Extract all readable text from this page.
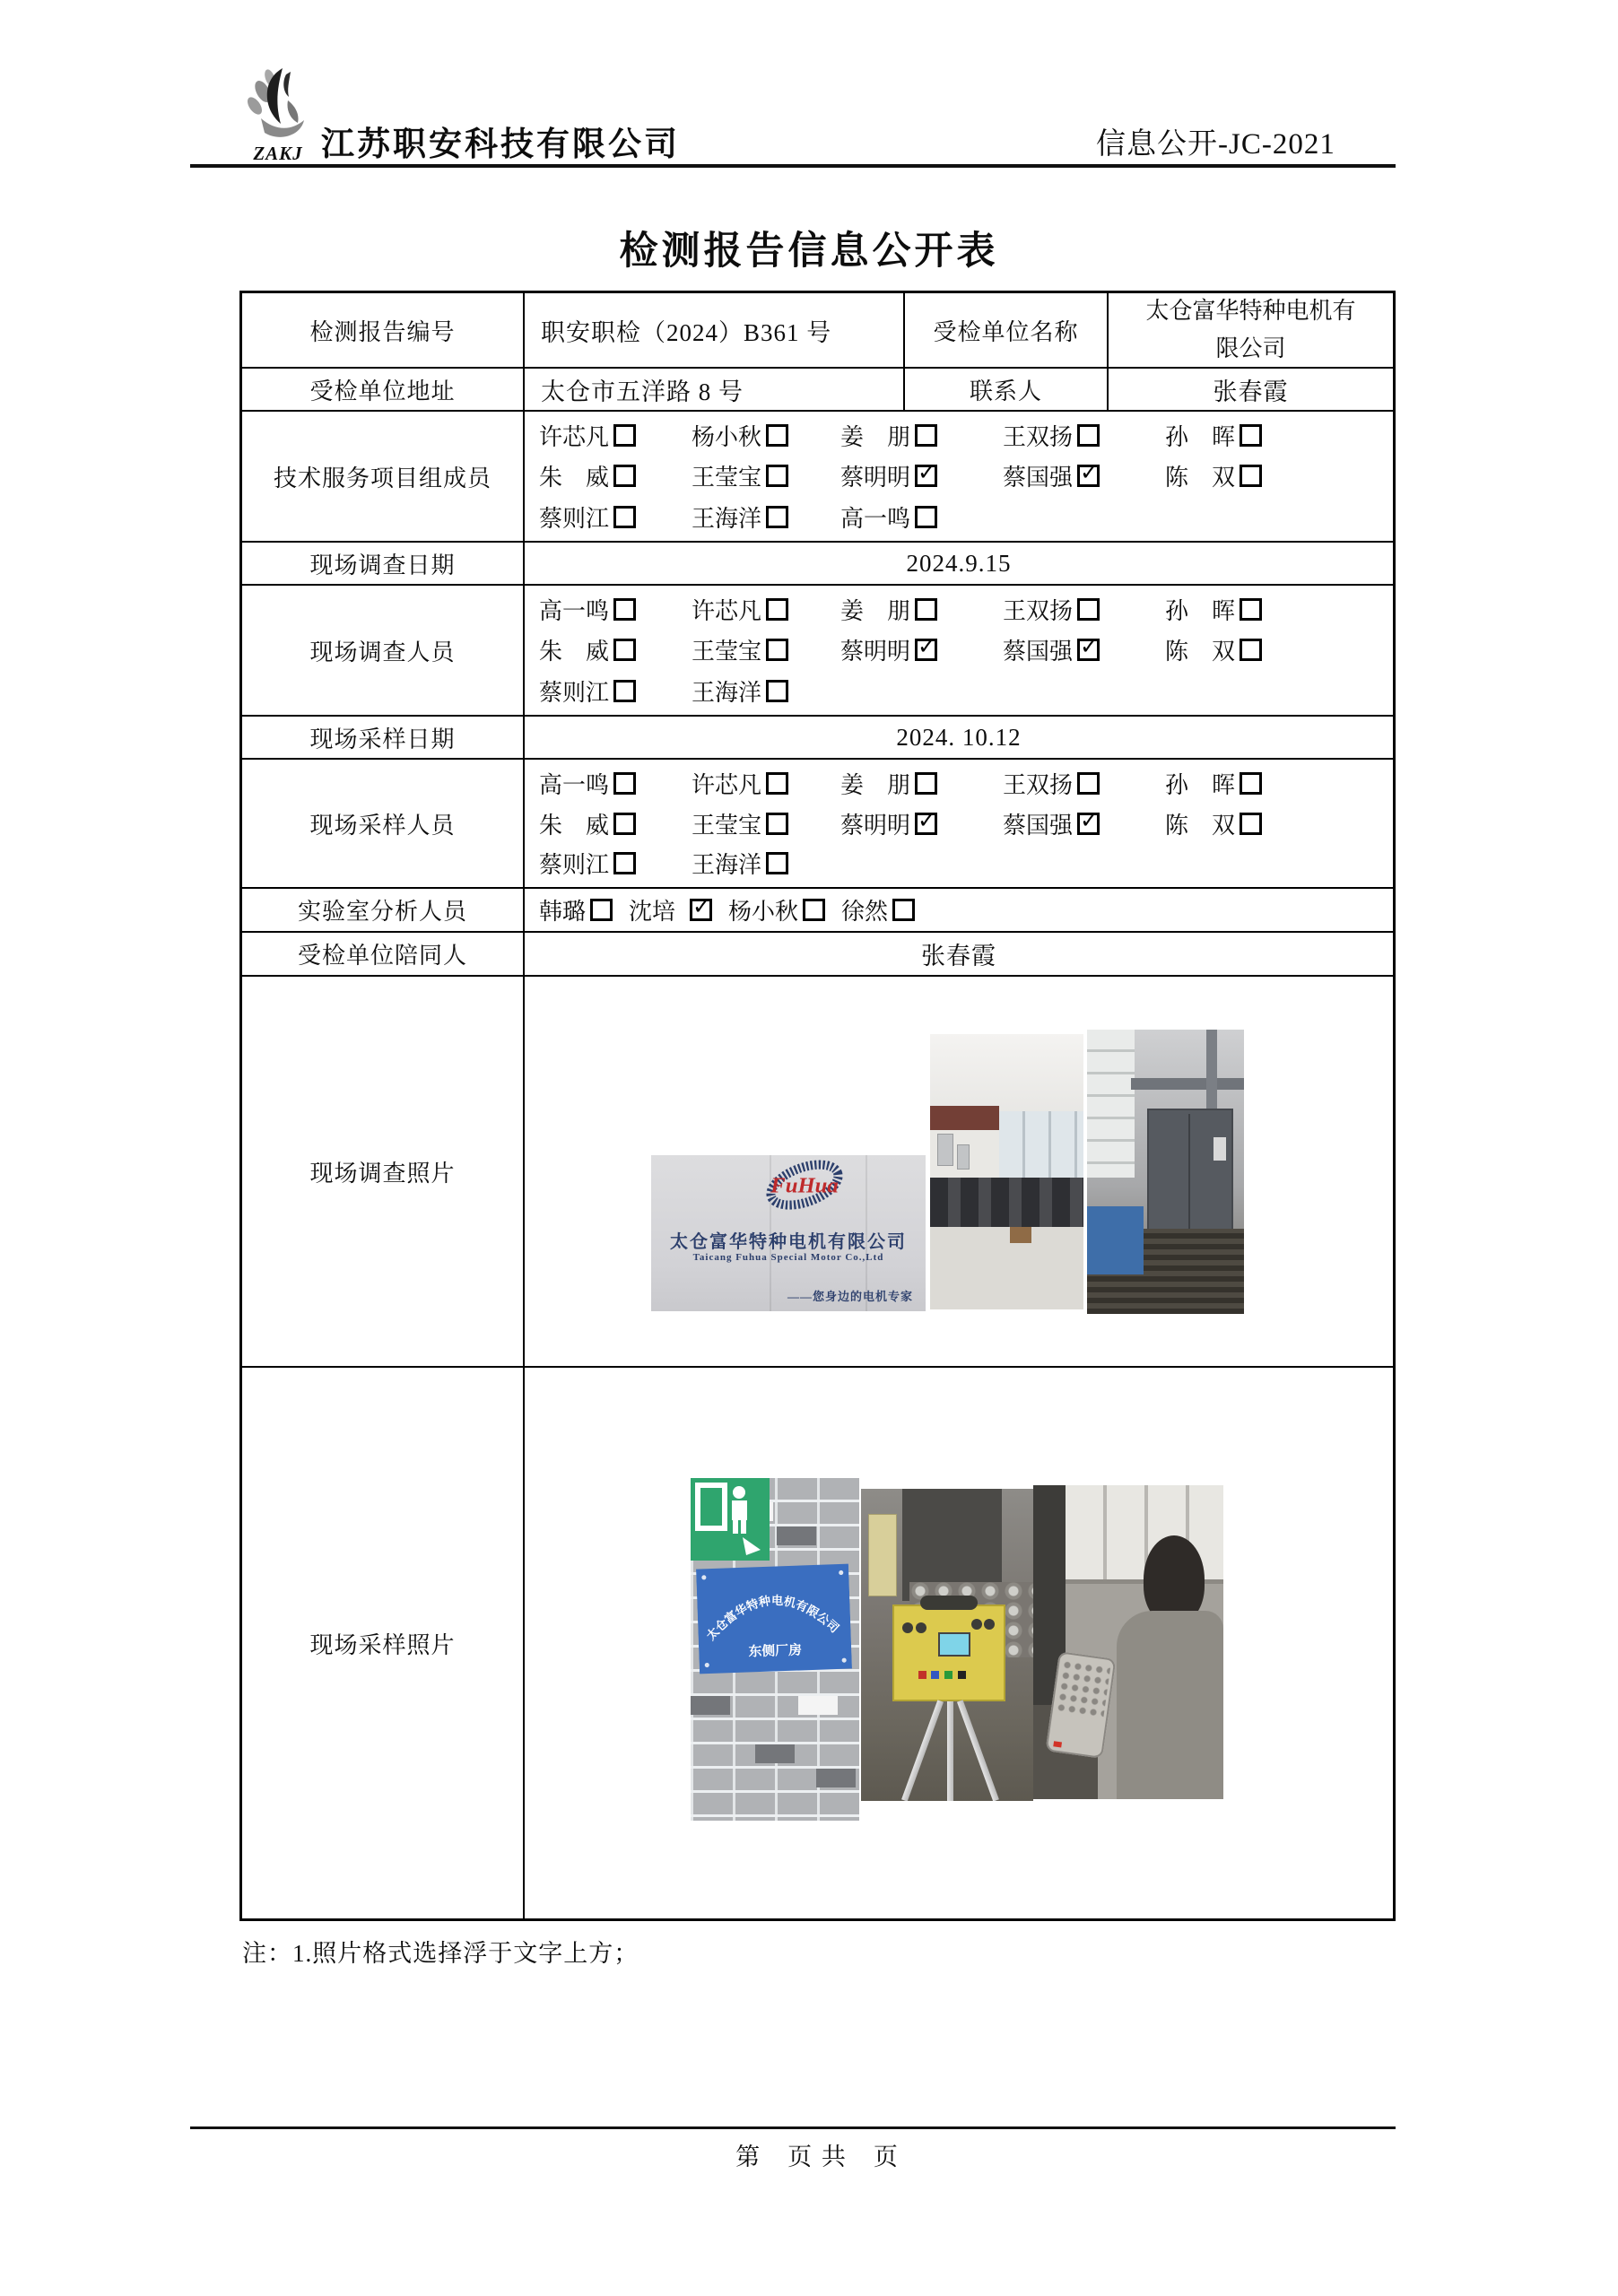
ZAKJ 江苏职安科技有限公司	信息公开-JC-2021
检测报告信息公开表
检测报告编号	职安职检（2024）B361 号	受检单位名称
太仓富华特种电机有限公司
受检单位地址	太仓市五洋路 8 号	联系人	张春霞
技术服务项目组成员
许芯凡	杨小秋	姜　朋	王双扬	孙　晖
朱　威	王莹宝	蔡明明 ✓	蔡国强 ✓	陈　双
蔡则江	王海洋	高一鸣
现场调查日期	2024.9.15
现场调查人员
高一鸣	许芯凡	姜　朋	王双扬	孙　晖
朱　威	王莹宝	蔡明明 ✓	蔡国强 ✓	陈　双
蔡则江	王海洋
现场采样日期	2024. 10.12
现场采样人员
高一鸣	许芯凡	姜　朋	王双扬	孙　晖
朱　威	王莹宝	蔡明明 ✓	蔡国强 ✓	陈　双
蔡则江	王海洋
实验室分析人员	韩璐 沈培 ✓ 杨小秋 徐然
受检单位陪同人	张春霞
现场调查照片	FuHua
太仓富华特种电机有限公司
Taicang Fuhua Special Motor Co.,Ltd
——您身边的电机专家
现场采样照片	太仓富华特种电机有限公司
东侧厂房
注：1.照片格式选择浮于文字上方；
第　页 共　页
